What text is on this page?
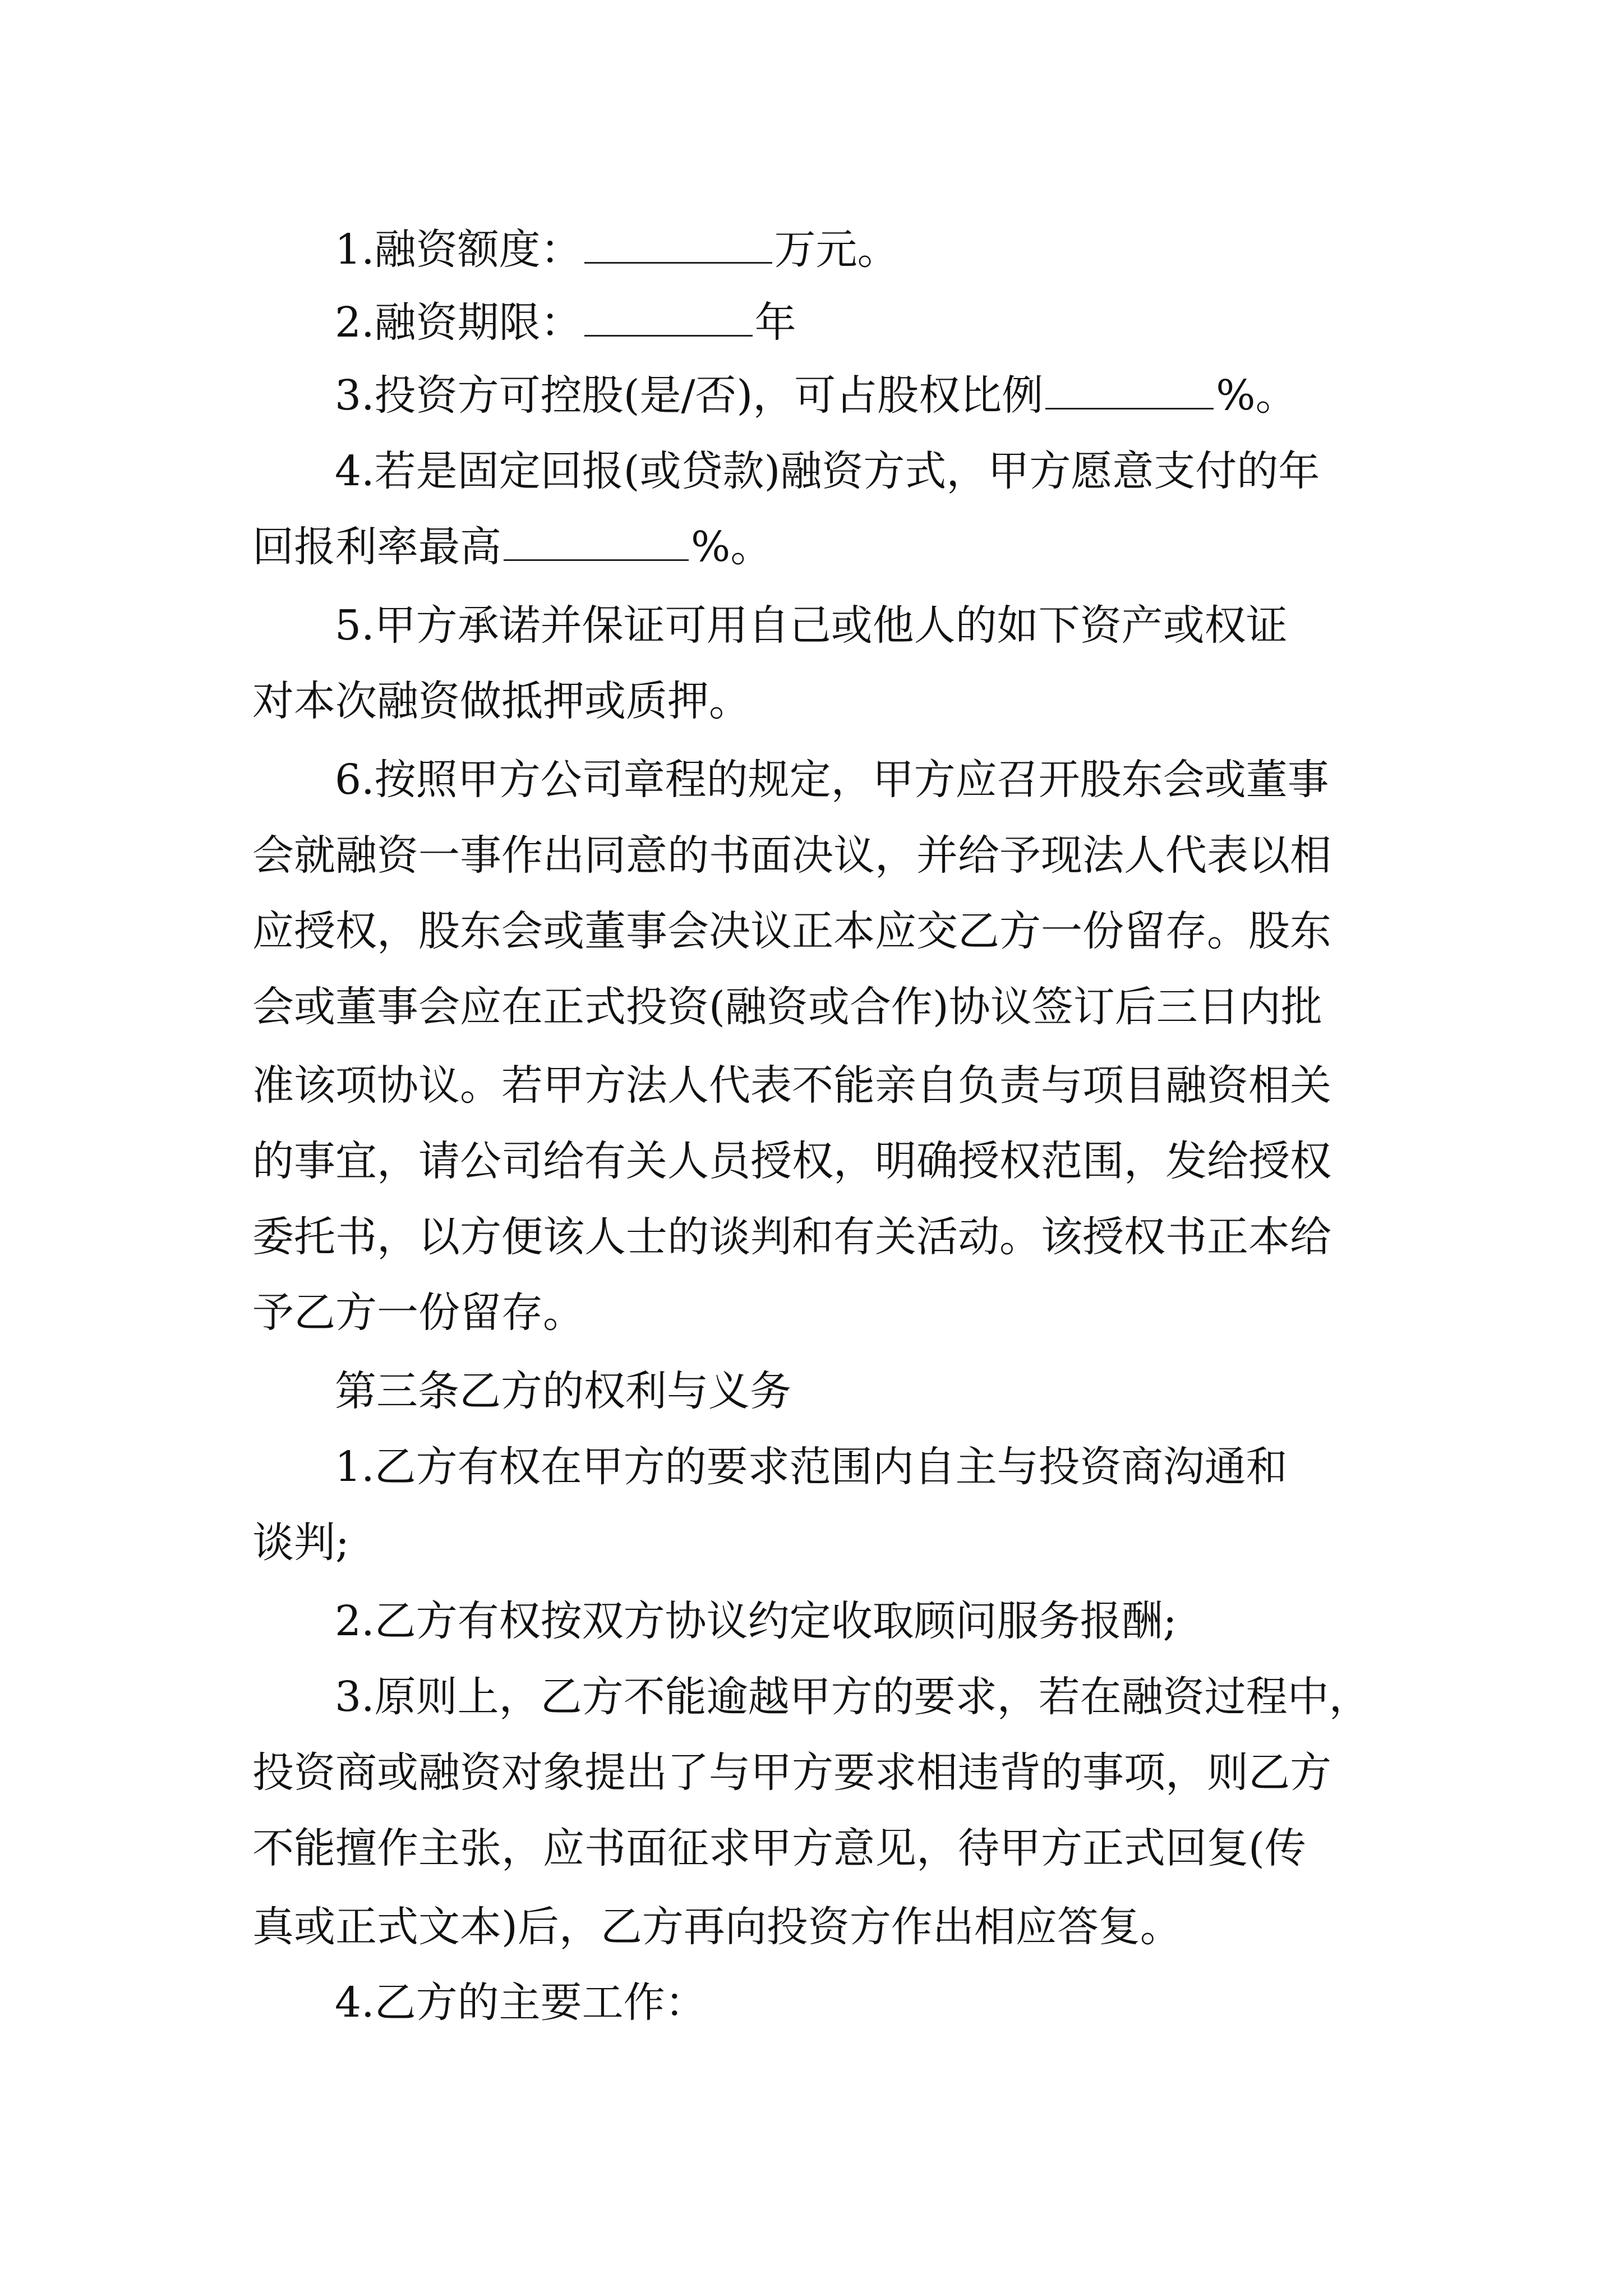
1.融资额度：	万元。
2.融资期限：	年
3.投资方可控股(是/否)，可占股权比例	%。
4.若是固定回报(或贷款)融资方式，甲方愿意支付的年
回报利率最高	%。
5.甲方承诺并保证可用自己或他人的如下资产或权证
对本次融资做抵押或质押。
6.按照甲方公司章程的规定，甲方应召开股东会或董事
会就融资一事作出同意的书面决议，并给予现法人代表以相
应授权，股东会或董事会决议正本应交乙方一份留存。股东
会或董事会应在正式投资(融资或合作)协议签订后三日内批
准该项协议。若甲方法人代表不能亲自负责与项目融资相关
的事宜，请公司给有关人员授权，明确授权范围，发给授权
委托书，以方便该人士的谈判和有关活动。该授权书正本给
予乙方一份留存。
第三条乙方的权利与义务
1.乙方有权在甲方的要求范围内自主与投资商沟通和
谈判;
2.乙方有权按双方协议约定收取顾问服务报酬;
3.原则上，乙方不能逾越甲方的要求，若在融资过程中，
投资商或融资对象提出了与甲方要求相违背的事项，则乙方
不能擅作主张，应书面征求甲方意见，待甲方正式回复(传
真或正式文本)后，乙方再向投资方作出相应答复。
4.乙方的主要工作：
